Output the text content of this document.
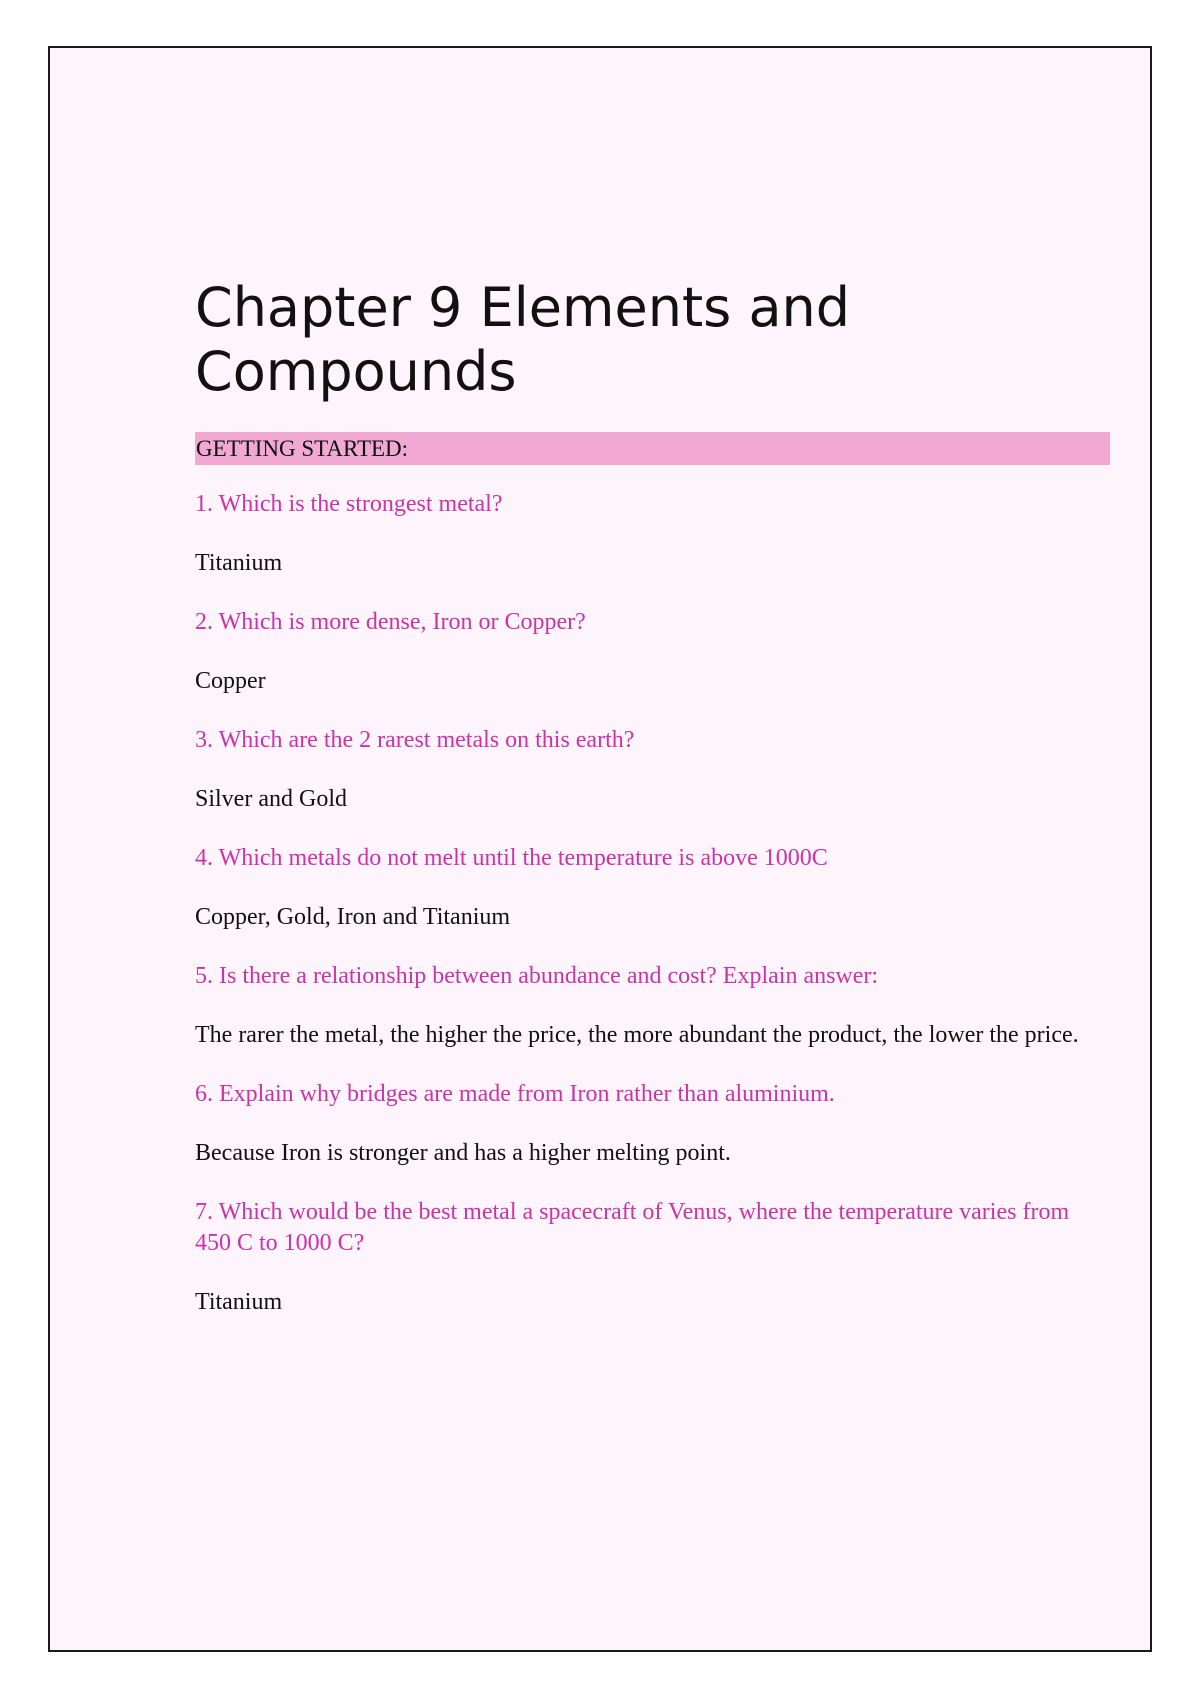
Chapter 9 Elements and
Compounds
GETTING STARTED:

1. Which is the strongest metal?

Titanium

2. Which is more dense, Iron or Copper?

Copper

3. Which are the 2 rarest metals on this earth?

Silver and Gold

4. Which metals do not melt until the temperature is above 1000C

Copper, Gold, Iron and Titanium

5. Is there a relationship between abundance and cost? Explain answer:

The rarer the metal, the higher the price, the more abundant the product, the lower the price.

6. Explain why bridges are made from Iron rather than aluminium.

Because Iron is stronger and has a higher melting point.

7. Which would be the best metal a spacecraft of Venus, where the temperature varies from 450 C to 1000 C?

Titanium
